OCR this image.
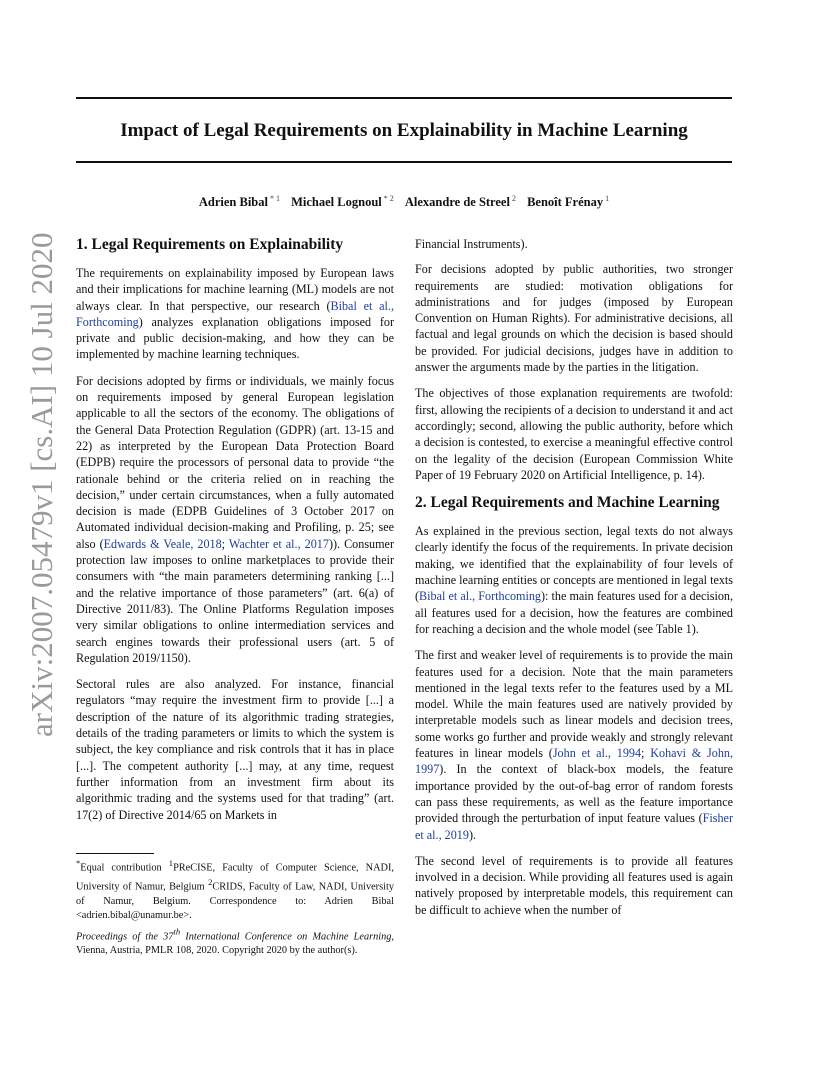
arXiv:2007.05479v1 [cs.AI] 10 Jul 2020
Impact of Legal Requirements on Explainability in Machine Learning
Adrien Bibal $^{* 1}$ Michael Lognoul $^{* 2}$ Alexandre de Streel $^2$ Benoît Frénay $^1$
1. Legal Requirements on Explainability

The requirements on explainability imposed by European laws and their implications for machine learning (ML) models are not always clear. In that perspective, our research (Bibal et al., Forthcoming) analyzes explanation obligations imposed for private and public decision-making, and how they can be implemented by machine learning techniques.

For decisions adopted by firms or individuals, we mainly focus on requirements imposed by general European legislation applicable to all the sectors of the economy. The obligations of the General Data Protection Regulation (GDPR) (art. 13-15 and 22) as interpreted by the European Data Protection Board (EDPB) require the processors of personal data to provide “the rationale behind or the criteria relied on in reaching the decision,” under certain circumstances, when a fully automated decision is made (EDPB Guidelines of 3 October 2017 on Automated individual decision-making and Profiling, p. 25; see also (Edwards & Veale, 2018; Wachter et al., 2017)). Consumer protection law imposes to online marketplaces to provide their consumers with “the main parameters determining ranking [...] and the relative importance of those parameters” (art. 6(a) of Directive 2011/83). The Online Platforms Regulation imposes very similar obligations to online intermediation services and search engines towards their professional users (art. 5 of Regulation 2019/1150).

Sectoral rules are also analyzed. For instance, financial regulators “may require the investment firm to provide [...] a description of the nature of its algorithmic trading strategies, details of the trading parameters or limits to which the system is subject, the key compliance and risk controls that it has in place [...]. The competent authority [...] may, at any time, request further information from an investment firm about its algorithmic trading and the systems used for that trading” (art. 17(2) of Directive 2014/65 on Markets in

Financial Instruments).

For decisions adopted by public authorities, two stronger requirements are studied: motivation obligations for administrations and for judges (imposed by European Convention on Human Rights). For administrative decisions, all factual and legal grounds on which the decision is based should be provided. For judicial decisions, judges have in addition to answer the arguments made by the parties in the litigation.

The objectives of those explanation requirements are twofold: first, allowing the recipients of a decision to understand it and act accordingly; second, allowing the public authority, before which a decision is contested, to exercise a meaningful effective control on the legality of the decision (European Commission White Paper of 19 February 2020 on Artificial Intelligence, p. 14).

2. Legal Requirements and Machine Learning

As explained in the previous section, legal texts do not always clearly identify the focus of the requirements. In private decision making, we identified that the explainability of four levels of machine learning entities or concepts are mentioned in legal texts (Bibal et al., Forthcoming): the main features used for a decision, all features used for a decision, how the features are combined for reaching a decision and the whole model (see Table 1).

The first and weaker level of requirements is to provide the main features used for a decision. Note that the main parameters mentioned in the legal texts refer to the features used by a ML model. While the main features used are natively provided by interpretable models such as linear models and decision trees, some works go further and provide weakly and strongly relevant features in linear models (John et al., 1994; Kohavi & John, 1997). In the context of black-box models, the feature importance provided by the out-of-bag error of random forests can pass these requirements, as well as the feature importance provided through the perturbation of input feature values (Fisher et al., 2019).

The second level of requirements is to provide all features involved in a decision. While providing all features used is again natively proposed by interpretable models, this requirement can be difficult to achieve when the number of

*Equal contribution $^1$PReCISE, Faculty of Computer Science, NADI, University of Namur, Belgium $^2$CRIDS, Faculty of Law, NADI, University of Namur, Belgium. Correspondence to: Adrien Bibal <adrien.bibal@unamur.be>.
Proceedings of the 37th International Conference on Machine Learning, Vienna, Austria, PMLR 108, 2020. Copyright 2020 by the author(s).
